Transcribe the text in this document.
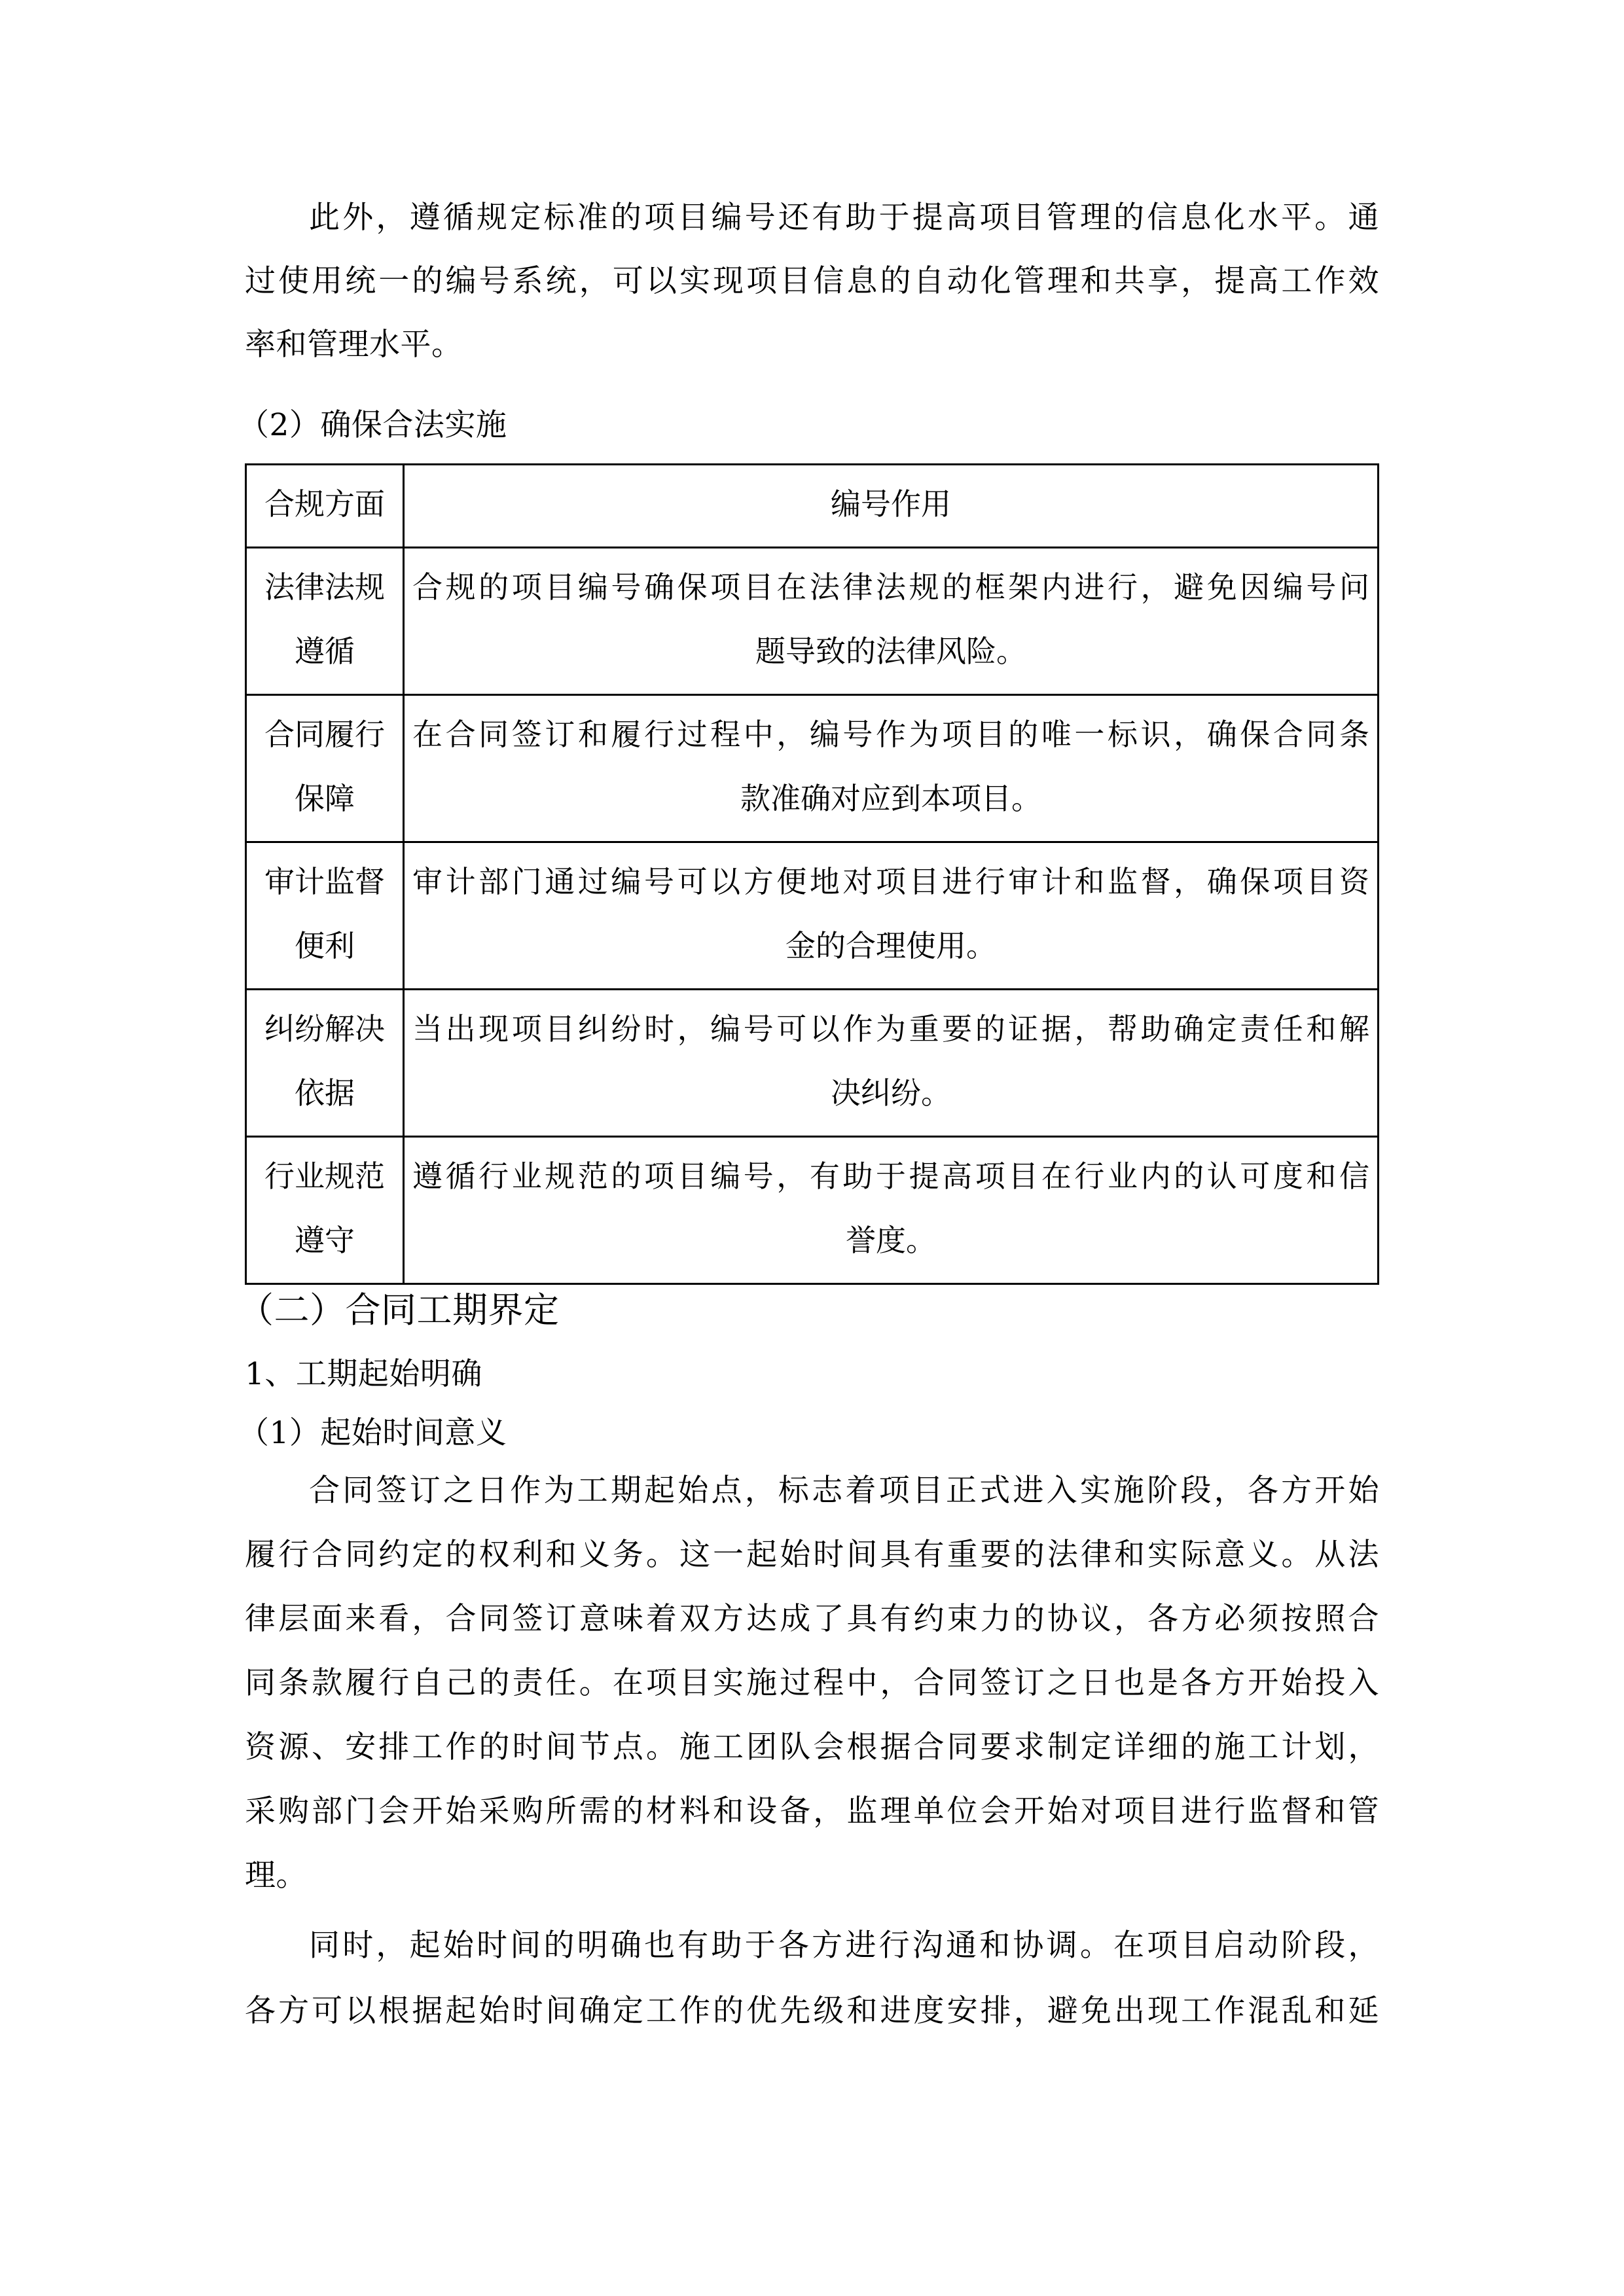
此外，遵循规定标准的项目编号还有助于提高项目管理的信息化水平。通
过使用统一的编号系统，可以实现项目信息的自动化管理和共享，提高工作效
率和管理水平。
（2）确保合法实施
合规方面	编号作用

法律法规
遵循	合规的项目编号确保项目在法律法规的框架内进行，避免因编号问
题导致的法律风险。

合同履行
保障	在合同签订和履行过程中，编号作为项目的唯一标识，确保合同条
款准确对应到本项目。

审计监督
便利	审计部门通过编号可以方便地对项目进行审计和监督，确保项目资
金的合理使用。

纠纷解决
依据	当出现项目纠纷时，编号可以作为重要的证据，帮助确定责任和解
决纠纷。

行业规范
遵守	遵循行业规范的项目编号，有助于提高项目在行业内的认可度和信
誉度。
（二）合同工期界定
1、工期起始明确
（1）起始时间意义
合同签订之日作为工期起始点，标志着项目正式进入实施阶段，各方开始
履行合同约定的权利和义务。这一起始时间具有重要的法律和实际意义。从法
律层面来看，合同签订意味着双方达成了具有约束力的协议，各方必须按照合
同条款履行自己的责任。在项目实施过程中，合同签订之日也是各方开始投入
资源、安排工作的时间节点。施工团队会根据合同要求制定详细的施工计划，
采购部门会开始采购所需的材料和设备，监理单位会开始对项目进行监督和管
理。
同时，起始时间的明确也有助于各方进行沟通和协调。在项目启动阶段，
各方可以根据起始时间确定工作的优先级和进度安排，避免出现工作混乱和延
